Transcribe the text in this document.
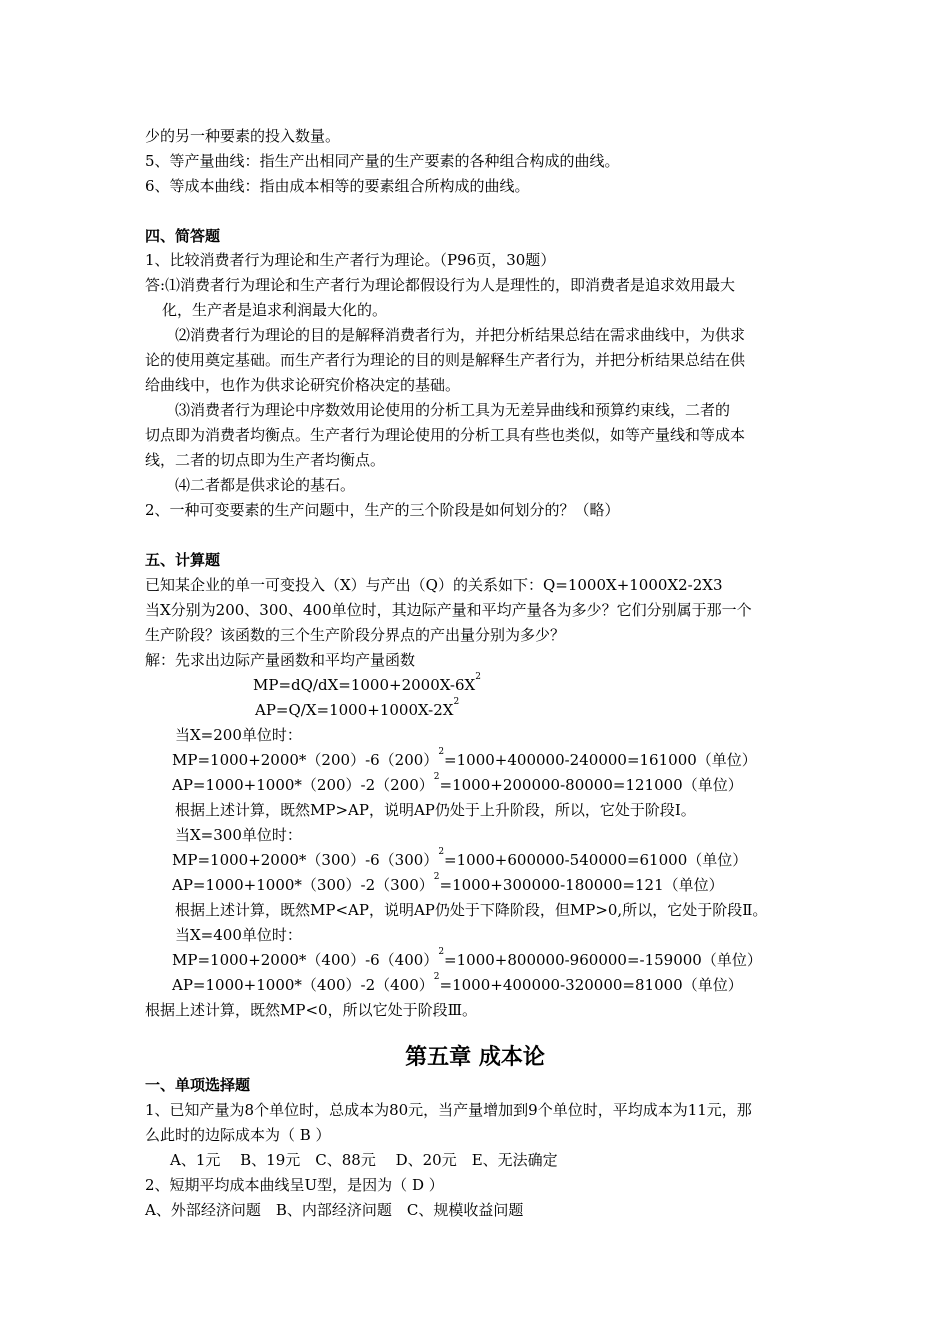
少的另一种要素的投入数量。
5、等产量曲线：指生产出相同产量的生产要素的各种组合构成的曲线。
6、等成本曲线：指由成本相等的要素组合所构成的曲线。
四、简答题
1、比较消费者行为理论和生产者行为理论。（P96页，30题）
答:⑴消费者行为理论和生产者行为理论都假设行为人是理性的，即消费者是追求效用最大
化，生产者是追求利润最大化的。
⑵消费者行为理论的目的是解释消费者行为，并把分析结果总结在需求曲线中，为供求
论的使用奠定基础。而生产者行为理论的目的则是解释生产者行为，并把分析结果总结在供
给曲线中，也作为供求论研究价格决定的基础。
⑶消费者行为理论中序数效用论使用的分析工具为无差异曲线和预算约束线，二者的
切点即为消费者均衡点。生产者行为理论使用的分析工具有些也类似，如等产量线和等成本
线，二者的切点即为生产者均衡点。
⑷二者都是供求论的基石。
2、一种可变要素的生产问题中，生产的三个阶段是如何划分的？（略）
五、计算题
已知某企业的单一可变投入（X）与产出（Q）的关系如下：Q=1000X+1000X2-2X3
当X分别为200、300、400单位时，其边际产量和平均产量各为多少？它们分别属于那一个
生产阶段？该函数的三个生产阶段分界点的产出量分别为多少？
解：先求出边际产量函数和平均产量函数
$MP=dQ/dX=1000+2000X-6X^2$
$AP=Q/X=1000+1000X-2X^2$
当X=200单位时：
$MP=1000+2000*(200)-6(200)^2=1000+400000-240000=161000$（单位）
$AP=1000+1000*(200)-2(200)^2=1000+200000-80000=121000$（单位）
根据上述计算，既然MP>AP，说明AP仍处于上升阶段，所以，它处于阶段Ⅰ。
当X=300单位时：
$MP=1000+2000*(300)-6(300)^2=1000+600000-540000=61000$（单位）
$AP=1000+1000*(300)-2(300)^2=1000+300000-180000=121$（单位）
根据上述计算，既然MP<AP，说明AP仍处于下降阶段，但MP>0,所以，它处于阶段Ⅱ。
当X=400单位时：
$MP=1000+2000*(400)-6(400)^2=1000+800000-960000=-159000$（单位）
$AP=1000+1000*(400)-2(400)^2=1000+400000-320000=81000$（单位）
根据上述计算，既然MP<0，所以它处于阶段Ⅲ。
第五章 成本论
一、单项选择题
1、已知产量为8个单位时，总成本为80元，当产量增加到9个单位时，平均成本为11元，那
么此时的边际成本为（ B ）
A、1元　 B、19元　C、88元　 D、20元　E、无法确定
2、短期平均成本曲线呈U型，是因为（ D ）
A、外部经济问题　B、内部经济问题　C、规模收益问题
